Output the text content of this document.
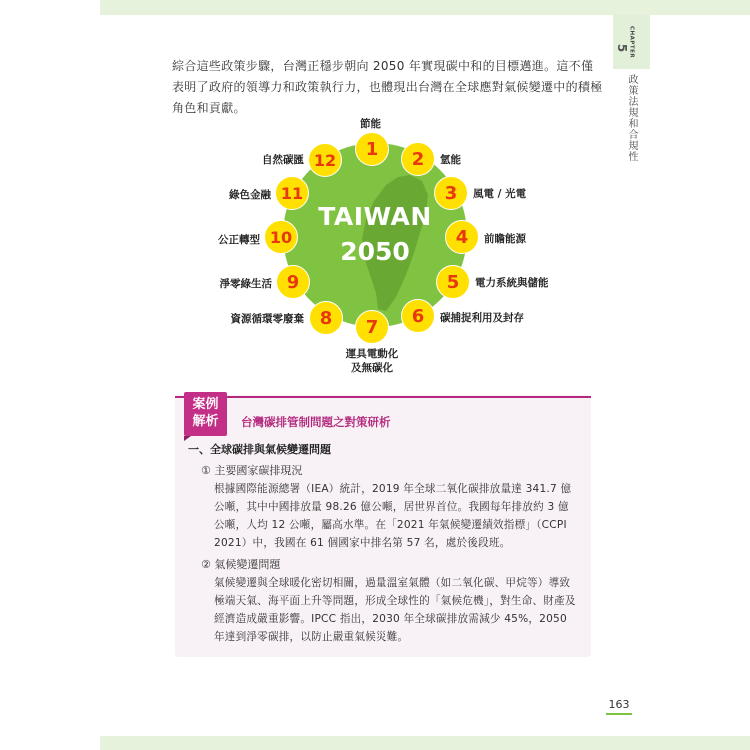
CHAPTER
5
政策法規和合規性

綜合這些政策步驟，台灣正穩步朝向 2050 年實現碳中和的目標邁進。這不僅表明了政府的領導力和政策執行力，也體現出台灣在全球應對氣候變遷中的積極角色和貢獻。

TAIWAN
2050
1	2
3
4
5
6
7
8
9
10
11
12
節能
氫能
風電 / 光電
前瞻能源
電力系統與儲能
碳捕捉利用及封存
運具電動化
及無碳化
資源循環零廢棄
淨零綠生活
公正轉型
綠色金融
自然碳匯
案例
解析	台灣碳排管制問題之對策研析
一、全球碳排與氣候變遷問題
① 主要國家碳排現況

根據國際能源總署（IEA）統計，2019 年全球二氧化碳排放量達 341.7 億公噸，其中中國排放量 98.26 億公噸，居世界首位。我國每年排放約 3 億公噸，人均 12 公噸，屬高水準。在「2021 年氣候變遷績效指標」（CCPI 2021）中，我國在 61 個國家中排名第 57 名，處於後段班。

② 氣候變遷問題

氣候變遷與全球暖化密切相關，過量溫室氣體（如二氧化碳、甲烷等）導致極端天氣、海平面上升等問題，形成全球性的「氣候危機」，對生命、財產及經濟造成嚴重影響。IPCC 指出，2030 年全球碳排放需減少 45%，2050 年達到淨零碳排，以防止嚴重氣候災難。

163
